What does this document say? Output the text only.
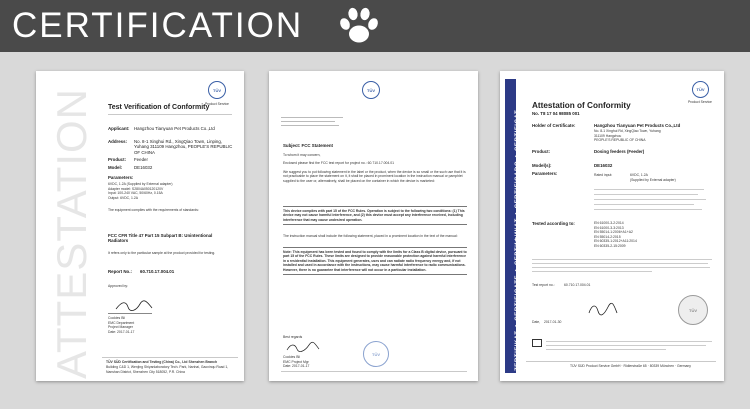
CERTIFICATION
ATTESTATION	TÜV
Product Service
Test Verification of Conformity
Applicant: Hangzhou Tianyuan Pet Products Co.,Ltd
Address: No. 8-1 Xinghui Rd., XingQiao Town, Linping, Yuhang 311109 Hangzhou, PEOPLE'S REPUBLIC OF CHINA
Product: Feeder
Model:	DE16032
Parameters:
6VDC, 1.2A (Supplied by External adapter)
Adapter model: S2804A050120120V
Input: 100-240 VAC, 50/60Hz, 0.15A
Output: 6VDC, 1.2A
The equipment complies with the requirements of standards:
FCC CFR Title 47 Part 15 Subpart B: Unintentional Radiators
It refers only to the particular sample at the product provided for testing.
Report No.: 60.710.17.004.01
Approved by:
Cookies Bli
EMC Department
Project Manager
Date: 2017-01-17
TÜV SÜD Certification and Testing (China) Co., Ltd Shenzhen Branch
Building C&D 1, Wenjing Shiyanlaboratory Tech. Park, Nanhai, Gaoxinqu Road 1,
Nanshan District, Shenzhen City 518052, P.R. China
TÜV
Subject: FCC Statement
To whom it may concern,
Enclosed please find the FCC test report for project no.: 60.710.17.004.01
We suggest you to put following statement in the label or the product, when the device is so small or the such use that it is not practicable to place the statement on it, it shall be placed in prominent location in the instruction manual or pamphlet supplied to the user or, alternatively, shall be placed on the container in which the device is marketed:
This device complies with part 15 of the FCC Rules. Operation is subject to the following two conditions: (1) This device may not cause harmful interference, and (2) this device must accept any interference received, including interference that may cause undesired operation.
The instruction manual shall include the following statement, placed in a prominent location in the text of the manual:
Note: This equipment has been tested and found to comply with the limits for a Class B digital device, pursuant to part 15 of the FCC Rules. These limits are designed to provide reasonable protection against harmful interference in a residential installation. This equipment generates, uses and can radiate radio frequency energy and, if not installed and used in accordance with the instructions, may cause harmful interference to radio communications. However, there is no guarantee that interference will not occur in a particular installation.
Best regards
Cookies Bli
EMC Project Mgr
Date: 2017-01-17
TÜV	ZERTIFIKAT ◆ CERTIFICATE ◆ СЕРТИФИКАТ ◆ CERTIFICADO ◆ CERTIFICAT
TÜV
Product Service
Attestation of Conformity
No. T8 17 04 98085 001
Holder of Certificate:	Hangzhou Tianyuan Pet Products Co.,Ltd
No. 8-1 Xinghui Rd, XingQiao Town, Yuhang
311109 Hangzhou
PEOPLE'S REPUBLIC OF CHINA
Product:	Dosing feeders (Feeder)
Model(s):	DE16032
Parameters:	Rated input:	6VDC, 1.2A
(Supplied by External adapter)
Tested according to:	EN 61000-3-2:2014
EN 61000-3-3:2013
EN 55014-1:2006+A1+A2
EN 55014-2:2015
EN 60335-1:2012+A11:2014
EN 60335-2-15:2009
Test report no.:	60.710.17.004.01
Date, 2017-01-30
TÜV
TÜV SÜD Product Service GmbH · Ridlerstraße 65 · 80339 München · Germany
